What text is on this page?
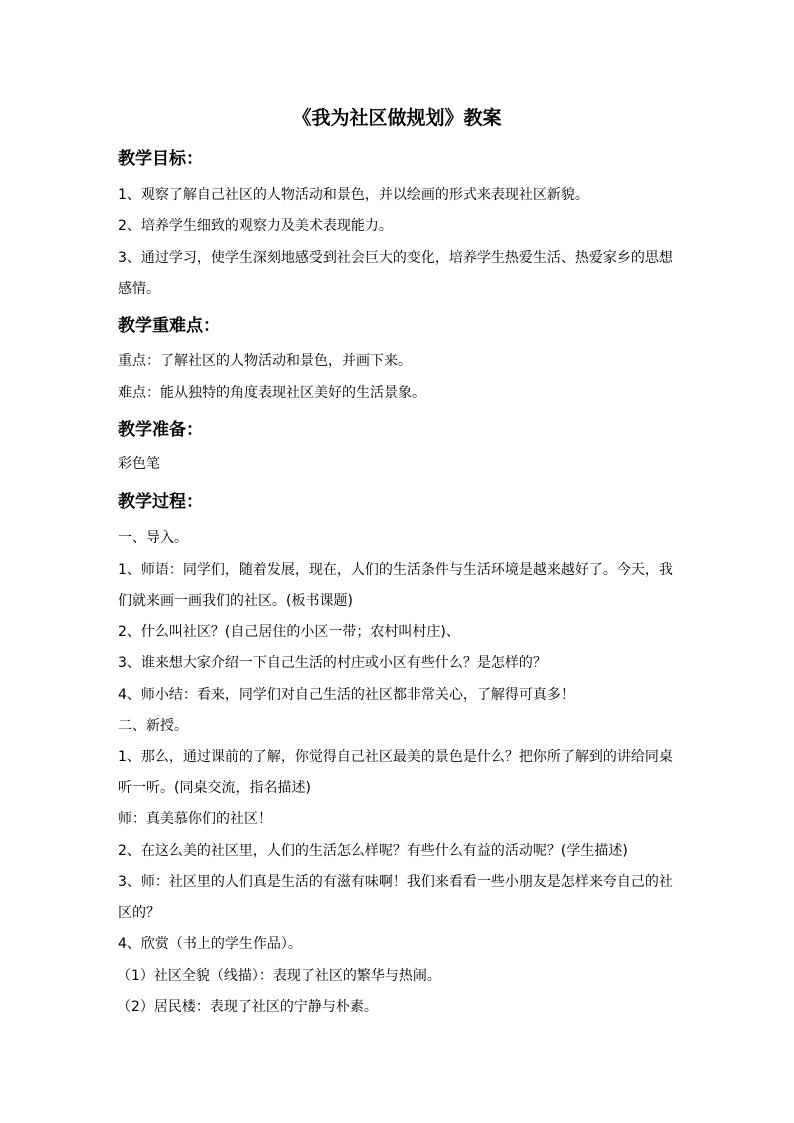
《我为社区做规划》教案
教学目标：
1、观察了解自己社区的人物活动和景色，并以绘画的形式来表现社区新貌。
2、培养学生细致的观察力及美术表现能力。
3、通过学习，使学生深刻地感受到社会巨大的变化，培养学生热爱生活、热爱家乡的思想感情。
教学重难点：
重点：了解社区的人物活动和景色，并画下来。
难点：能从独特的角度表现社区美好的生活景象。
教学准备：
彩色笔
教学过程：
一、导入。
1、师语：同学们，随着发展，现在，人们的生活条件与生活环境是越来越好了。今天，我们就来画一画我们的社区。(板书课题)
2、什么叫社区？(自己居住的小区一带；农村叫村庄)、
3、谁来想大家介绍一下自己生活的村庄或小区有些什么？是怎样的？
4、师小结：看来，同学们对自己生活的社区都非常关心，了解得可真多！
二、新授。
1、那么，通过课前的了解，你觉得自己社区最美的景色是什么？把你所了解到的讲给同桌听一听。(同桌交流，指名描述)
师：真美慕你们的社区！
2、在这么美的社区里，人们的生活怎么样呢？有些什么有益的活动呢？(学生描述)
3、师：社区里的人们真是生活的有滋有味啊！我们来看看一些小朋友是怎样来夸自己的社区的？
4、欣赏（书上的学生作品）。
（1）社区全貌（线描）：表现了社区的繁华与热闹。
（2）居民楼：表现了社区的宁静与朴素。
